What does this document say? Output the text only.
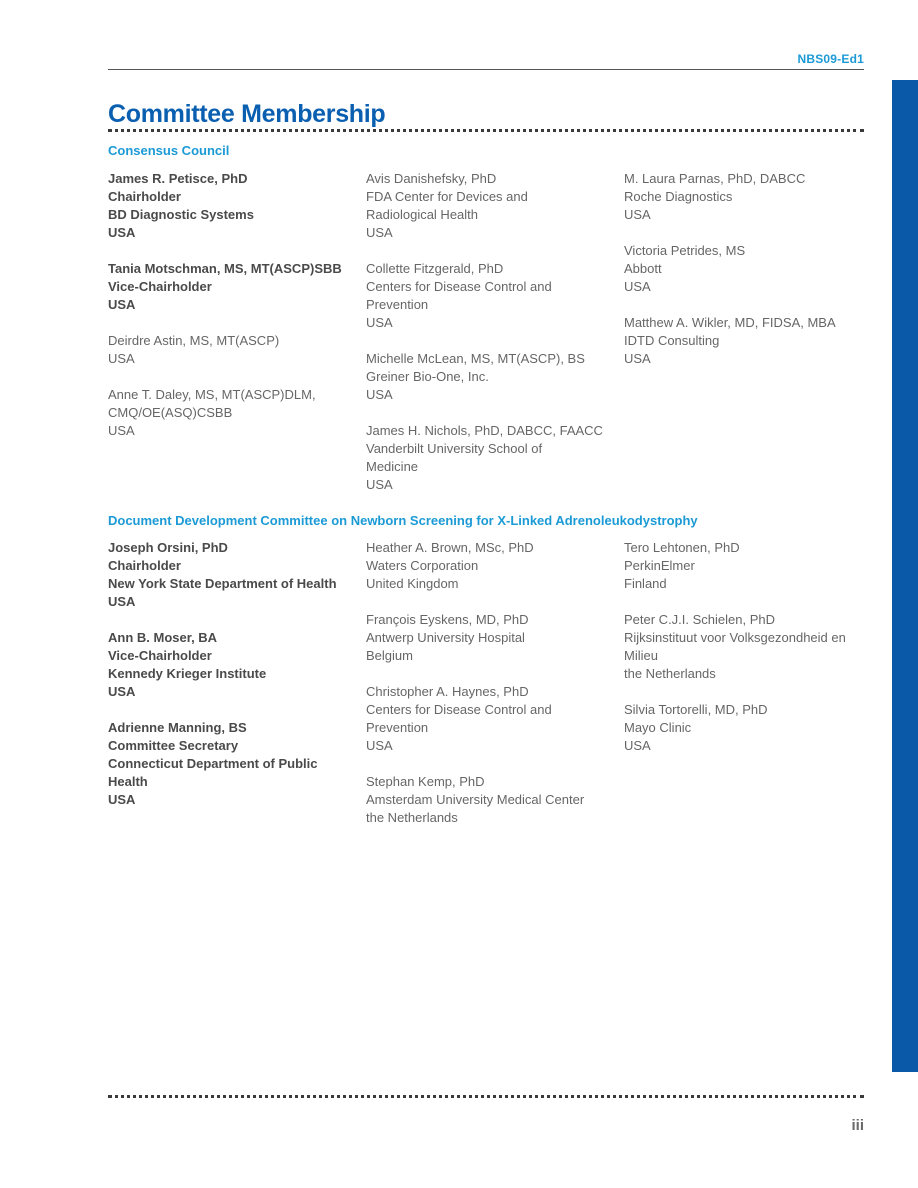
NBS09-Ed1
Committee Membership
Consensus Council
James R. Petisce, PhD
Chairholder
BD Diagnostic Systems
USA
Tania Motschman, MS, MT(ASCP)SBB
Vice-Chairholder
USA
Deirdre Astin, MS, MT(ASCP)
USA
Anne T. Daley, MS, MT(ASCP)DLM,
CMQ/OE(ASQ)CSBB
USA
Avis Danishefsky, PhD
FDA Center for Devices and
Radiological Health
USA
Collette Fitzgerald, PhD
Centers for Disease Control and
Prevention
USA
Michelle McLean, MS, MT(ASCP), BS
Greiner Bio-One, Inc.
USA
James H. Nichols, PhD, DABCC, FAACC
Vanderbilt University School of
Medicine
USA
M. Laura Parnas, PhD, DABCC
Roche Diagnostics
USA
Victoria Petrides, MS
Abbott
USA
Matthew A. Wikler, MD, FIDSA, MBA
IDTD Consulting
USA
Document Development Committee on Newborn Screening for X-Linked Adrenoleukodystrophy
Joseph Orsini, PhD
Chairholder
New York State Department of Health
USA
Ann B. Moser, BA
Vice-Chairholder
Kennedy Krieger Institute
USA
Adrienne Manning, BS
Committee Secretary
Connecticut Department of Public
Health
USA
Heather A. Brown, MSc, PhD
Waters Corporation
United Kingdom
François Eyskens, MD, PhD
Antwerp University Hospital
Belgium
Christopher A. Haynes, PhD
Centers for Disease Control and
Prevention
USA
Stephan Kemp, PhD
Amsterdam University Medical Center
the Netherlands
Tero Lehtonen, PhD
PerkinElmer
Finland
Peter C.J.I. Schielen, PhD
Rijksinstituut voor Volksgezondheid en
Milieu
the Netherlands
Silvia Tortorelli, MD, PhD
Mayo Clinic
USA
iii
